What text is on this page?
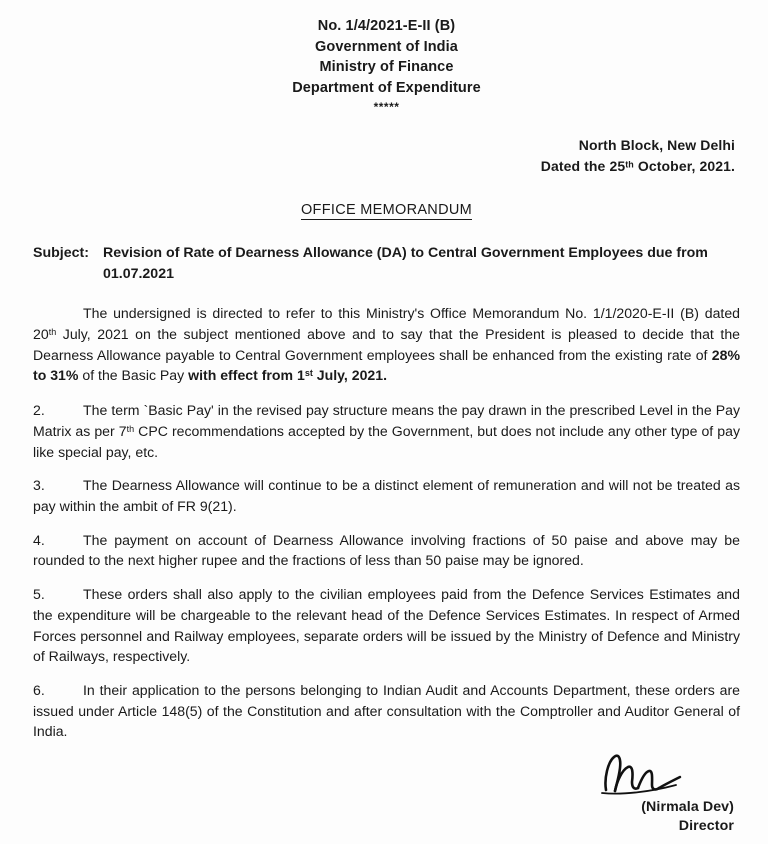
No. 1/4/2021-E-II (B)
Government of India
Ministry of Finance
Department of Expenditure
*****
North Block, New Delhi
Dated the 25th October, 2021.
OFFICE MEMORANDUM
Subject: Revision of Rate of Dearness Allowance (DA) to Central Government Employees due from 01.07.2021

The undersigned is directed to refer to this Ministry's Office Memorandum No. 1/1/2020-E-II (B) dated 20th July, 2021 on the subject mentioned above and to say that the President is pleased to decide that the Dearness Allowance payable to Central Government employees shall be enhanced from the existing rate of 28% to 31% of the Basic Pay with effect from 1st July, 2021.

2.	The term `Basic Pay' in the revised pay structure means the pay drawn in the prescribed Level in the Pay Matrix as per 7th CPC recommendations accepted by the Government, but does not include any other type of pay like special pay, etc.

3.	The Dearness Allowance will continue to be a distinct element of remuneration and will not be treated as pay within the ambit of FR 9(21).

4.	The payment on account of Dearness Allowance involving fractions of 50 paise and above may be rounded to the next higher rupee and the fractions of less than 50 paise may be ignored.

5.	These orders shall also apply to the civilian employees paid from the Defence Services Estimates and the expenditure will be chargeable to the relevant head of the Defence Services Estimates. In respect of Armed Forces personnel and Railway employees, separate orders will be issued by the Ministry of Defence and Ministry of Railways, respectively.

6.	In their application to the persons belonging to Indian Audit and Accounts Department, these orders are issued under Article 148(5) of the Constitution and after consultation with the Comptroller and Auditor General of India.

(Nirmala Dev)
Director
